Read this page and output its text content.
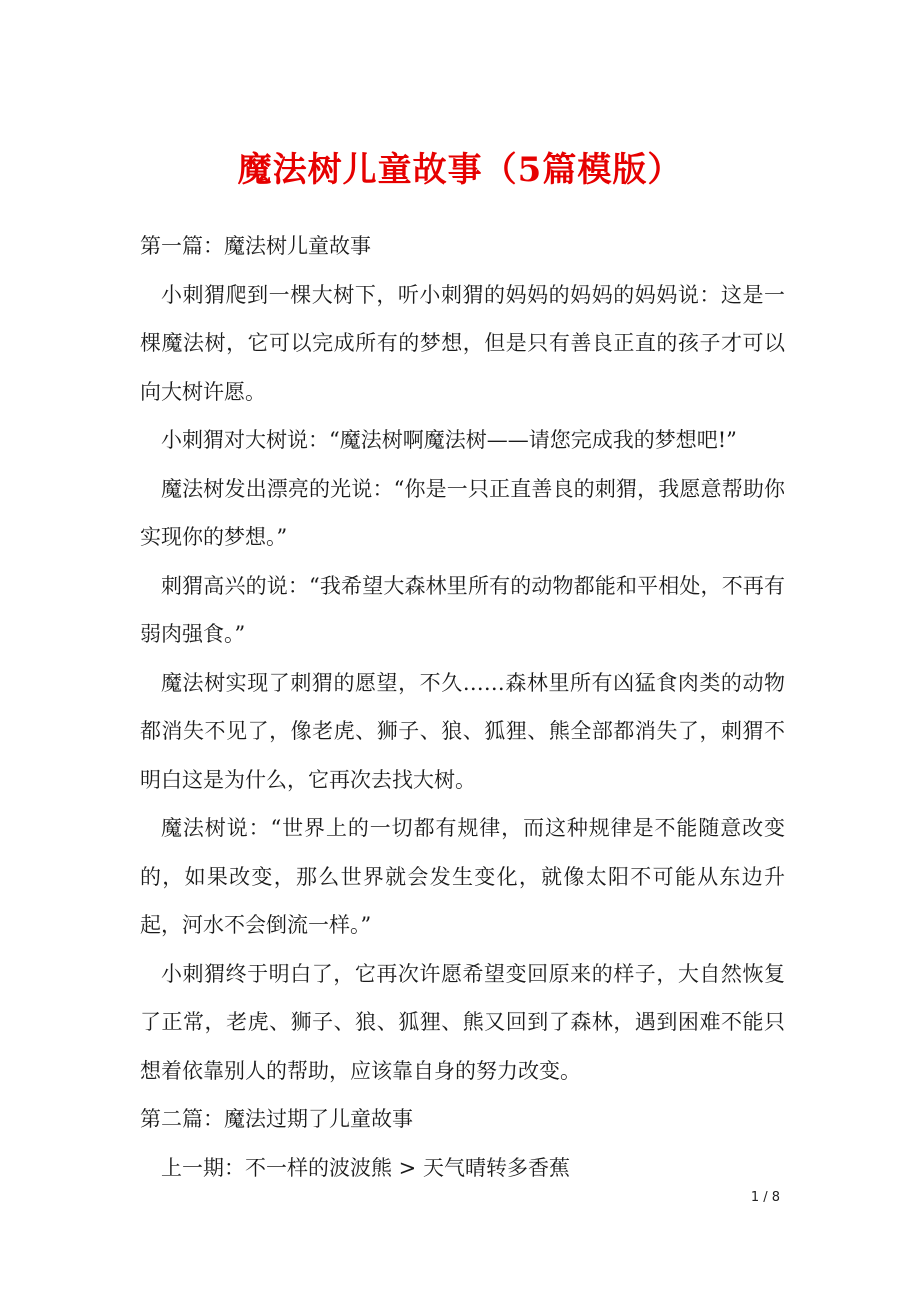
魔法树儿童故事（5篇模版）

第一篇：魔法树儿童故事

小刺猬爬到一棵大树下，听小刺猬的妈妈的妈妈的妈妈说：这是一棵魔法树，它可以完成所有的梦想，但是只有善良正直的孩子才可以向大树许愿。

小刺猬对大树说：“魔法树啊魔法树——请您完成我的梦想吧!”

魔法树发出漂亮的光说：“你是一只正直善良的刺猬，我愿意帮助你实现你的梦想。”

刺猬高兴的说：“我希望大森林里所有的动物都能和平相处，不再有弱肉强食。”

魔法树实现了刺猬的愿望，不久……森林里所有凶猛食肉类的动物都消失不见了，像老虎、狮子、狼、狐狸、熊全部都消失了，刺猬不明白这是为什么，它再次去找大树。

魔法树说：“世界上的一切都有规律，而这种规律是不能随意改变的，如果改变，那么世界就会发生变化，就像太阳不可能从东边升起，河水不会倒流一样。”

小刺猬终于明白了，它再次许愿希望变回原来的样子，大自然恢复了正常，老虎、狮子、狼、狐狸、熊又回到了森林，遇到困难不能只想着依靠别人的帮助，应该靠自身的努力改变。

第二篇：魔法过期了儿童故事

上一期：不一样的波波熊 > 天气晴转多香蕉

1 / 8
